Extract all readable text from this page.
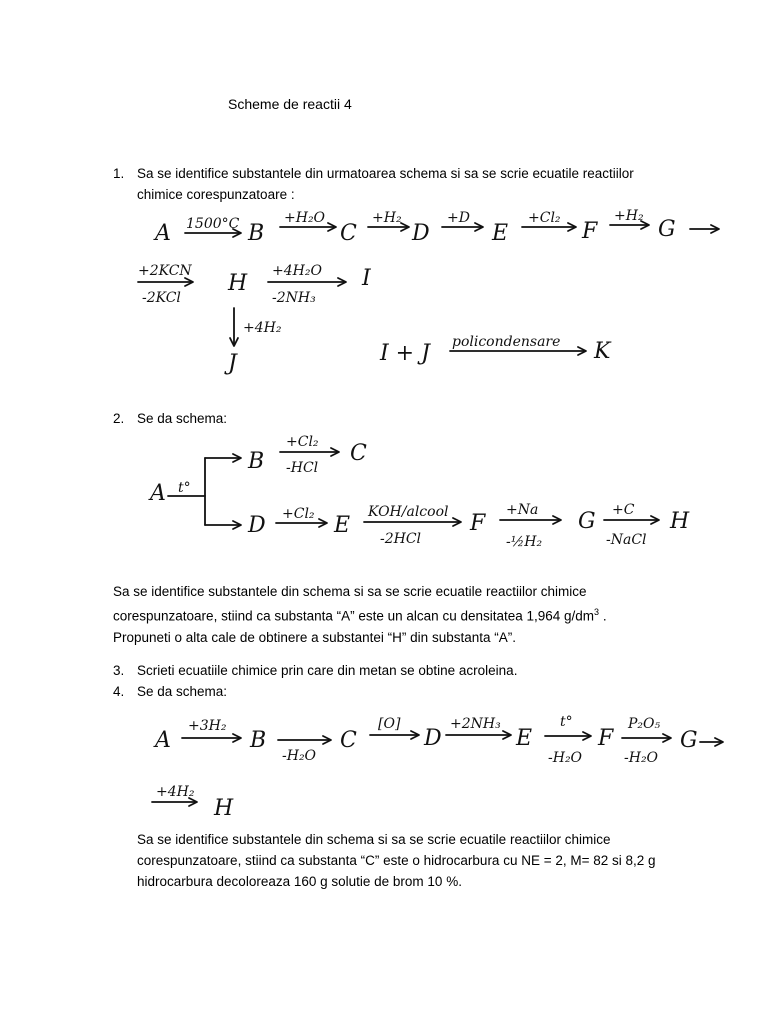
Scheme de reactii 4
1. Sa se identifice substantele din urmatoarea schema si sa se scrie ecuatile reactiilor
chimice corespunzatoare :
A 1500°C B
+H₂O
C
+H₂
D
+D
E
+Cl₂
F
+H₂
G
+2KCN
-2KCl
H +4H₂O
-2NH₃
I
+4H₂
J	I + J policondensare K
2. Se da schema:
A t°
B
+Cl₂
-HCl
C
D +Cl₂ E
KOH/alcool
-2HCl
F
+Na
-½H₂
G +C
-NaCl
H
Sa se identifice substantele din schema si sa se scrie ecuatile reactiilor chimice
corespunzatoare, stiind ca substanta “A” este un alcan cu densitatea 1,964 $g/dm^3$ .
Propuneti o alta cale de obtinere a substantei “H” din substanta “A”.
3. Scrieti ecuatiile chimice prin care din metan se obtine acroleina.
4. Se da schema:
A
+3H₂
B
-H₂O
C
[O]
D
+2NH₃
E
t°
-H₂O
F
P₂O₅
-H₂O
G
+4H₂
H
Sa se identifice substantele din schema si sa se scrie ecuatile reactiilor chimice
corespunzatoare, stiind ca substanta “C” este o hidrocarbura cu NE = 2, M= 82 si 8,2 g
hidrocarbura decoloreaza 160 g solutie de brom 10 %.
